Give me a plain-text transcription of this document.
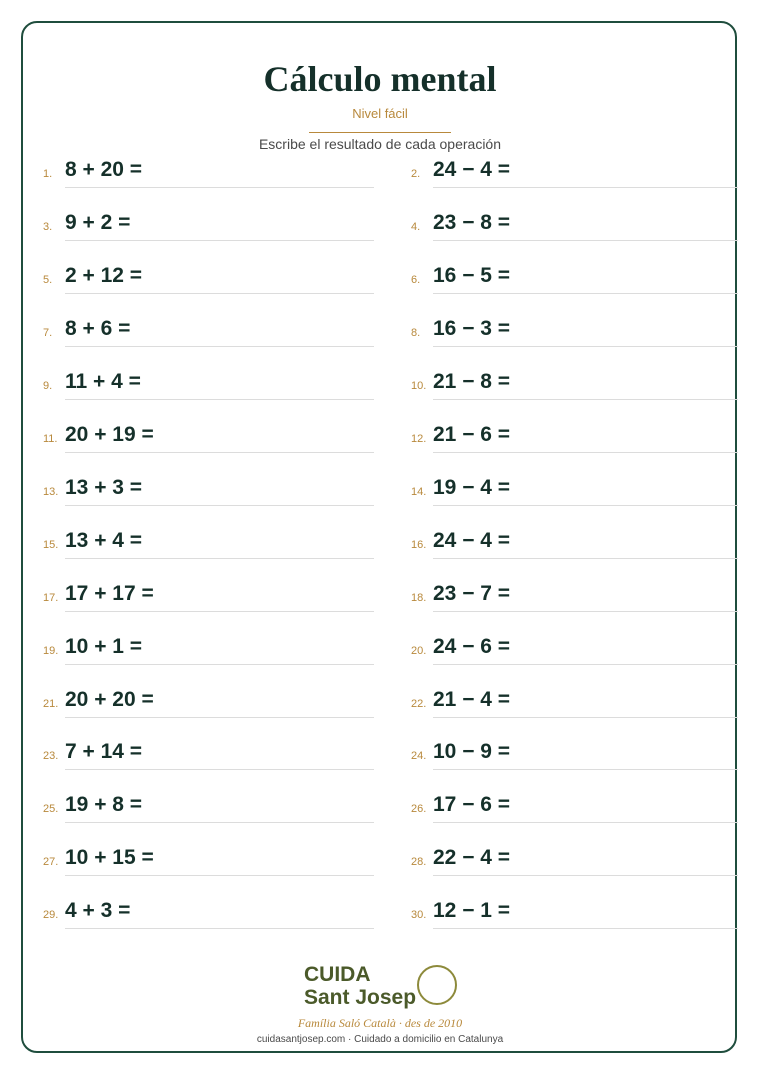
Cálculo mental
Nivel fácil
Escribe el resultado de cada operación
1. 8 + 20 =	2. 24 − 4 =
3. 9 + 2 =	4. 23 − 8 =
5. 2 + 12 =	6. 16 − 5 =
7. 8 + 6 =	8. 16 − 3 =
9. 11 + 4 =	10. 21 − 8 =
11. 20 + 19 =	12. 21 − 6 =
13. 13 + 3 =	14. 19 − 4 =
15. 13 + 4 =	16. 24 − 4 =
17. 17 + 17 =	18. 23 − 7 =
19. 10 + 1 =	20. 24 − 6 =
21. 20 + 20 =	22. 21 − 4 =
23. 7 + 14 =	24. 10 − 9 =
25. 19 + 8 =	26. 17 − 6 =
27. 10 + 15 =	28. 22 − 4 =
29. 4 + 3 =	30. 12 − 1 =
CUIDA
Sant Josep
Família Saló Català · des de 2010
cuidasantjosep.com · Cuidado a domicilio en Catalunya
